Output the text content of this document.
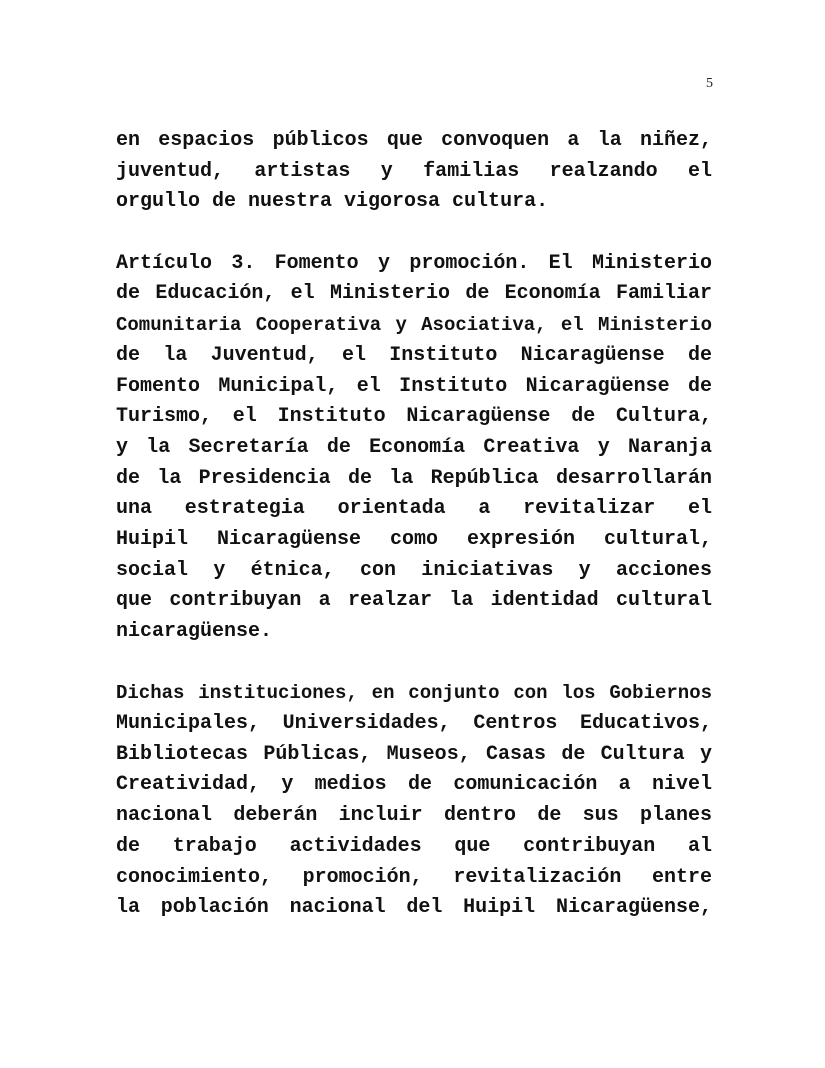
5
en espacios públicos que convoquen a la niñez,
juventud, artistas y familias realzando el
orgullo de nuestra vigorosa cultura.
Artículo 3. Fomento y promoción. El Ministerio
de Educación, el Ministerio de Economía Familiar
Comunitaria Cooperativa y Asociativa, el Ministerio
de la Juventud, el Instituto Nicaragüense de
Fomento Municipal, el Instituto Nicaragüense de
Turismo, el Instituto Nicaragüense de Cultura,
y la Secretaría de Economía Creativa y Naranja
de la Presidencia de la República desarrollarán
una estrategia orientada a revitalizar el
Huipil Nicaragüense como expresión cultural,
social y étnica, con iniciativas y acciones
que contribuyan a realzar la identidad cultural
nicaragüense.
Dichas instituciones, en conjunto con los Gobiernos
Municipales, Universidades, Centros Educativos,
Bibliotecas Públicas, Museos, Casas de Cultura y
Creatividad, y medios de comunicación a nivel
nacional deberán incluir dentro de sus planes
de trabajo actividades que contribuyan al
conocimiento, promoción, revitalización entre
la población nacional del Huipil Nicaragüense,
